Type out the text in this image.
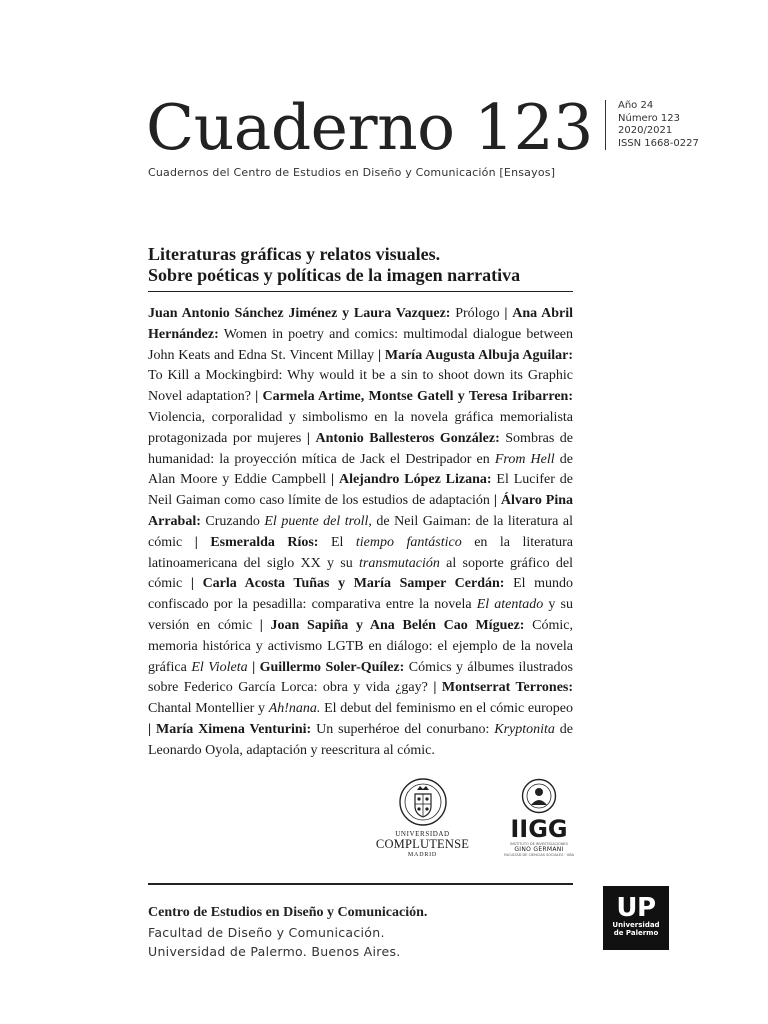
Cuaderno 123
Cuadernos del Centro de Estudios en Diseño y Comunicación [Ensayos]
Año 24
Número 123
2020/2021
ISSN 1668-0227
Literaturas gráficas y relatos visuales.
Sobre poéticas y políticas de la imagen narrativa
Juan Antonio Sánchez Jiménez y Laura Vazquez: Prólogo | Ana Abril Hernández: Women in poetry and comics: multimodal dialogue between John Keats and Edna St. Vincent Millay | María Augusta Albuja Aguilar: To Kill a Mockingbird: Why would it be a sin to shoot down its Graphic Novel adaptation? | Carmela Artime, Montse Gatell y Teresa Iribarren: Violencia, corporalidad y simbolismo en la novela gráfica memorialista protagonizada por mujeres | Antonio Ballesteros González: Sombras de humanidad: la proyección mítica de Jack el Destripador en From Hell de Alan Moore y Eddie Campbell | Alejandro López Lizana: El Lucifer de Neil Gaiman como caso límite de los estudios de adaptación | Álvaro Pina Arrabal: Cruzando El puente del troll, de Neil Gaiman: de la literatura al cómic | Esmeralda Ríos: El tiempo fantástico en la literatura latinoamericana del siglo XX y su transmutación al soporte gráfico del cómic | Carla Acosta Tuñas y María Samper Cerdán: El mundo confiscado por la pesadilla: comparativa entre la novela El atentado y su versión en cómic | Joan Sapiña y Ana Belén Cao Míguez: Cómic, memoria histórica y activismo LGTB en diálogo: el ejemplo de la novela gráfica El Violeta | Guillermo Soler-Quílez: Cómics y álbumes ilustrados sobre Federico García Lorca: obra y vida ¿gay? | Montserrat Terrones: Chantal Montellier y Ah!nana. El debut del feminismo en el cómic europeo | María Ximena Venturini: Un superhéroe del conurbano: Kryptonita de Leonardo Oyola, adaptación y reescritura al cómic.
UNIVERSIDAD
COMPLUTENSE
MADRID
IIGG
INSTITUTO DE INVESTIGACIONES
GINO GERMANI
FACULTAD DE CIENCIAS SOCIALES · UBA
Centro de Estudios en Diseño y Comunicación.
Facultad de Diseño y Comunicación.
Universidad de Palermo. Buenos Aires.
UP
Universidad
de Palermo
